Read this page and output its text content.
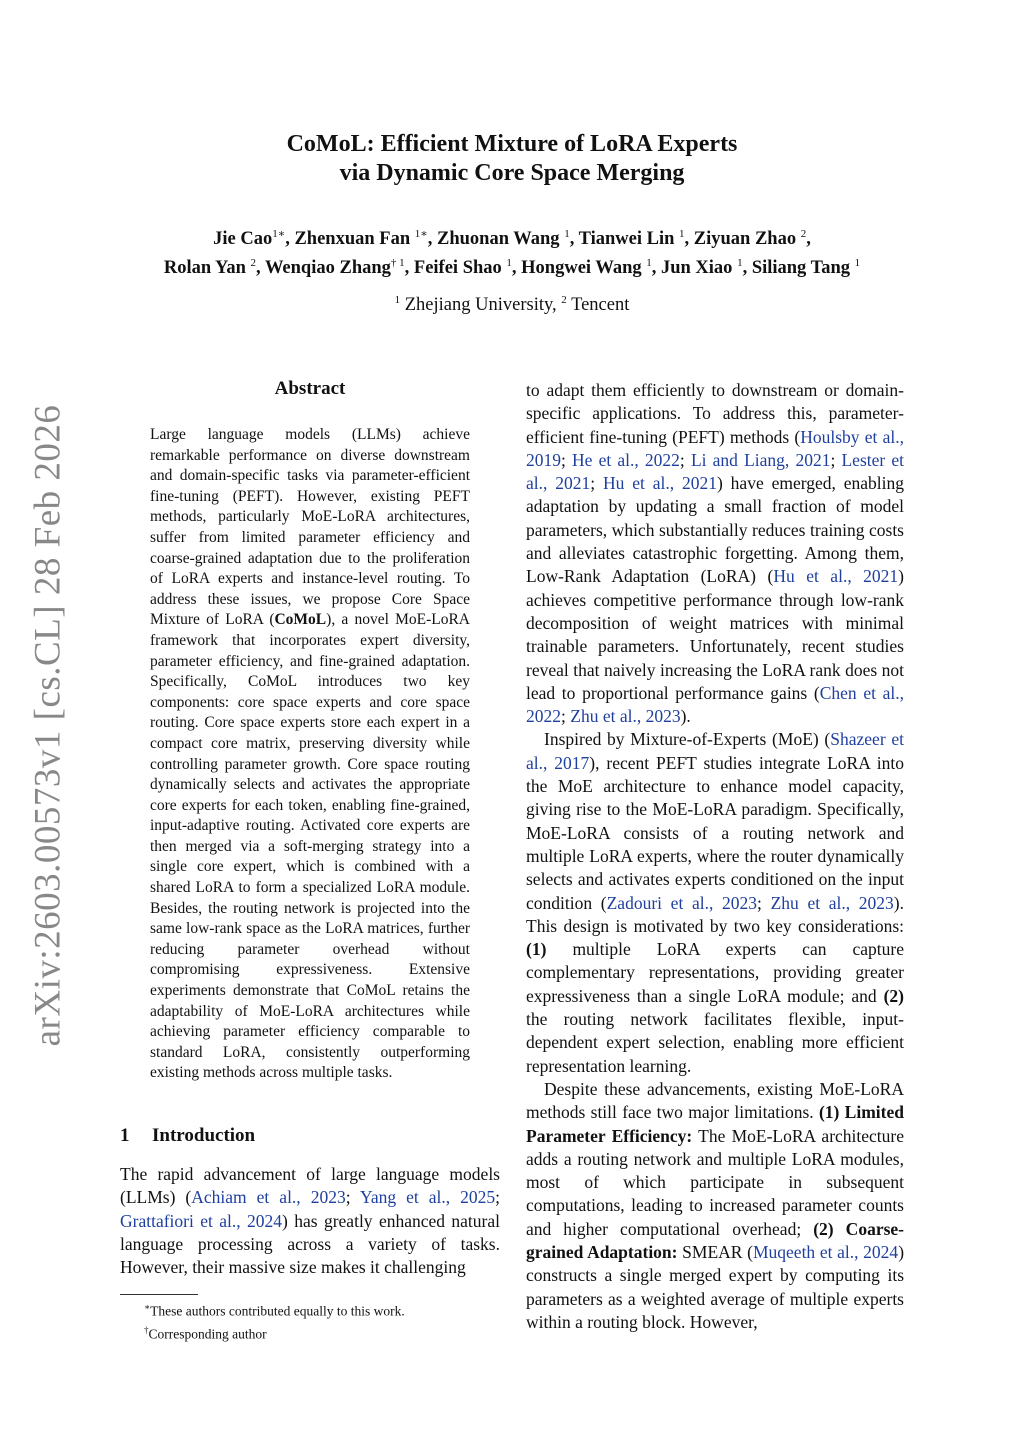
arXiv:2603.00573v1 [cs.CL] 28 Feb 2026
CoMoL: Efficient Mixture of LoRA Experts
via Dynamic Core Space Merging
Jie Cao$^{1∗}$, Zhenxuan Fan $^{1∗}$, Zhuonan Wang $^1$, Tianwei Lin $^1$, Ziyuan Zhao $^2$,
Rolan Yan $^2$, Wenqiao Zhang$^{\dagger 1}$, Feifei Shao $^1$, Hongwei Wang $^1$, Jun Xiao $^1$, Siliang Tang $^1$
$^1$ Zhejiang University, $^2$ Tencent
Abstract
Large language models (LLMs) achieve remarkable performance on diverse downstream and domain-specific tasks via parameter-efficient fine-tuning (PEFT). However, existing PEFT methods, particularly MoE-LoRA architectures, suffer from limited parameter efficiency and coarse-grained adaptation due to the proliferation of LoRA experts and instance-level routing. To address these issues, we propose Core Space Mixture of LoRA (CoMoL), a novel MoE-LoRA framework that incorporates expert diversity, parameter efficiency, and fine-grained adaptation. Specifically, CoMoL introduces two key components: core space experts and core space routing. Core space experts store each expert in a compact core matrix, preserving diversity while controlling parameter growth. Core space routing dynamically selects and activates the appropriate core experts for each token, enabling fine-grained, input-adaptive routing. Activated core experts are then merged via a soft-merging strategy into a single core expert, which is combined with a shared LoRA to form a specialized LoRA module. Besides, the routing network is projected into the same low-rank space as the LoRA matrices, further reducing parameter overhead without compromising expressiveness. Extensive experiments demonstrate that CoMoL retains the adaptability of MoE-LoRA architectures while achieving parameter efficiency comparable to standard LoRA, consistently outperforming existing methods across multiple tasks.
1 Introduction
The rapid advancement of large language models (LLMs) (Achiam et al., 2023; Yang et al., 2025; Grattafiori et al., 2024) has greatly enhanced natural language processing across a variety of tasks. However, their massive size makes it challenging
∗These authors contributed equally to this work.
†Corresponding author

to adapt them efficiently to downstream or domain-specific applications. To address this, parameter-efficient fine-tuning (PEFT) methods (Houlsby et al., 2019; He et al., 2022; Li and Liang, 2021; Lester et al., 2021; Hu et al., 2021) have emerged, enabling adaptation by updating a small fraction of model parameters, which substantially reduces training costs and alleviates catastrophic forgetting. Among them, Low-Rank Adaptation (LoRA) (Hu et al., 2021) achieves competitive performance through low-rank decomposition of weight matrices with minimal trainable parameters. Unfortunately, recent studies reveal that naively increasing the LoRA rank does not lead to proportional performance gains (Chen et al., 2022; Zhu et al., 2023).

Inspired by Mixture-of-Experts (MoE) (Shazeer et al., 2017), recent PEFT studies integrate LoRA into the MoE architecture to enhance model capacity, giving rise to the MoE-LoRA paradigm. Specifically, MoE-LoRA consists of a routing network and multiple LoRA experts, where the router dynamically selects and activates experts conditioned on the input condition (Zadouri et al., 2023; Zhu et al., 2023). This design is motivated by two key considerations: (1) multiple LoRA experts can capture complementary representations, providing greater expressiveness than a single LoRA module; and (2) the routing network facilitates flexible, input-dependent expert selection, enabling more efficient representation learning.

Despite these advancements, existing MoE-LoRA methods still face two major limitations. (1) Limited Parameter Efficiency: The MoE-LoRA architecture adds a routing network and multiple LoRA modules, most of which participate in subsequent computations, leading to increased parameter counts and higher computational overhead; (2) Coarse-grained Adaptation: SMEAR (Muqeeth et al., 2024) constructs a single merged expert by computing its parameters as a weighted average of multiple experts within a routing block. However,
